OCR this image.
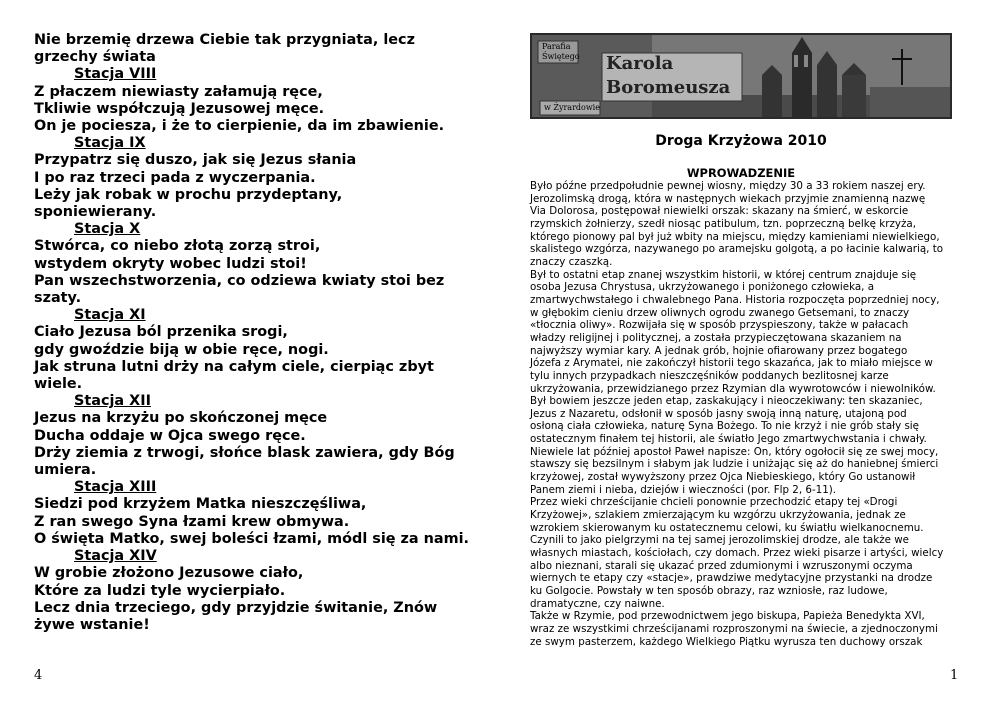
Nie brzemię drzewa Ciebie tak przygniata, lecz
grzechy świata
Stacja VIII
Z płaczem niewiasty załamują ręce,
Tkliwie współczują Jezusowej męce.
On je pociesza, i że to cierpienie, da im zbawienie.
Stacja IX
Przypatrz się duszo, jak się Jezus słania
I po raz trzeci pada z wyczerpania.
Leży jak robak w prochu przydeptany,
sponiewierany.
Stacja X
Stwórca, co niebo złotą zorzą stroi,
wstydem okryty wobec ludzi stoi!
Pan wszechstworzenia, co odziewa kwiaty stoi bez
szaty.
Stacja XI
Ciało Jezusa ból przenika srogi,
gdy gwoździe biją w obie ręce, nogi.
Jak struna lutni drży na całym ciele, cierpiąc zbyt
wiele.
Stacja XII
Jezus na krzyżu po skończonej męce
Ducha oddaje w Ojca swego ręce.
Drży ziemia z trwogi, słońce blask zawiera, gdy Bóg
umiera.
Stacja XIII
Siedzi pod krzyżem Matka nieszczęśliwa,
Z ran swego Syna łzami krew obmywa.
O święta Matko, swej boleści łzami, módl się za nami.
Stacja XIV
W grobie złożono Jezusowe ciało,
Które za ludzi tyle wycierpiało.
Lecz dnia trzeciego, gdy przyjdzie świtanie, Znów
żywe wstanie!
4
Parafia
Świętego Karola
Boromeusza
w Żyrardowie
Droga Krzyżowa 2010
WPROWADZENIE
Było późne przedpołudnie pewnej wiosny, między 30 a 33 rokiem naszej ery.
Jerozolimską drogą, która w następnych wiekach przyjmie znamienną nazwę
Via Dolorosa, postępował niewielki orszak: skazany na śmierć, w eskorcie
rzymskich żołnierzy, szedł niosąc patibulum, tzn. poprzeczną belkę krzyża,
którego pionowy pal był już wbity na miejscu, między kamieniami niewielkiego,
skalistego wzgórza, nazywanego po aramejsku golgotą, a po łacinie kalwarią, to
znaczy czaszką.
Był to ostatni etap znanej wszystkim historii, w której centrum znajduje się
osoba Jezusa Chrystusa, ukrzyżowanego i poniżonego człowieka, a
zmartwychwstałego i chwalebnego Pana. Historia rozpoczęta poprzedniej nocy,
w głębokim cieniu drzew oliwnych ogrodu zwanego Getsemani, to znaczy
«tłocznia oliwy». Rozwijała się w sposób przyspieszony, także w pałacach
władzy religijnej i politycznej, a została przypieczętowana skazaniem na
najwyższy wymiar kary. A jednak grób, hojnie ofiarowany przez bogatego
Józefa z Arymatei, nie zakończył historii tego skazańca, jak to miało miejsce w
tylu innych przypadkach nieszczęśników poddanych bezlitosnej karze
ukrzyżowania, przewidzianego przez Rzymian dla wywrotowców i niewolników.
Był bowiem jeszcze jeden etap, zaskakujący i nieoczekiwany: ten skazaniec,
Jezus z Nazaretu, odsłonił w sposób jasny swoją inną naturę, utajoną pod
osłoną ciała człowieka, naturę Syna Bożego. To nie krzyż i nie grób stały się
ostatecznym finałem tej historii, ale światło Jego zmartwychwstania i chwały.
Niewiele lat później apostoł Paweł napisze: On, który ogołocił się ze swej mocy,
stawszy się bezsilnym i słabym jak ludzie i uniżając się aż do haniebnej śmierci
krzyżowej, został wywyższony przez Ojca Niebieskiego, który Go ustanowił
Panem ziemi i nieba, dziejów i wieczności (por. Flp 2, 6-11).
Przez wieki chrześcijanie chcieli ponownie przechodzić etapy tej «Drogi
Krzyżowej», szlakiem zmierzającym ku wzgórzu ukrzyżowania, jednak ze
wzrokiem skierowanym ku ostatecznemu celowi, ku światłu wielkanocnemu.
Czynili to jako pielgrzymi na tej samej jerozolimskiej drodze, ale także we
własnych miastach, kościołach, czy domach. Przez wieki pisarze i artyści, wielcy
albo nieznani, starali się ukazać przed zdumionymi i wzruszonymi oczyma
wiernych te etapy czy «stacje», prawdziwe medytacyjne przystanki na drodze
ku Golgocie. Powstały w ten sposób obrazy, raz wzniosłe, raz ludowe,
dramatyczne, czy naiwne.
Także w Rzymie, pod przewodnictwem jego biskupa, Papieża Benedykta XVI,
wraz ze wszystkimi chrześcijanami rozproszonymi na świecie, a zjednoczonymi
ze swym pasterzem, każdego Wielkiego Piątku wyrusza ten duchowy orszak
1
